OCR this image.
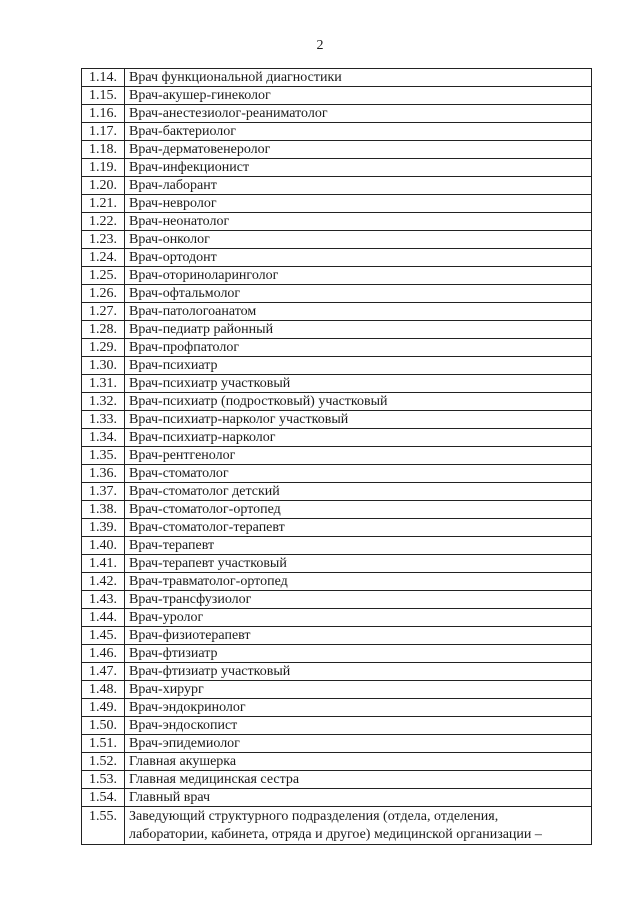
2
1.14.	Врач функциональной диагностики
1.15.	Врач-акушер-гинеколог
1.16.	Врач-анестезиолог-реаниматолог
1.17.	Врач-бактериолог
1.18.	Врач-дерматовенеролог
1.19.	Врач-инфекционист
1.20.	Врач-лаборант
1.21.	Врач-невролог
1.22.	Врач-неонатолог
1.23.	Врач-онколог
1.24.	Врач-ортодонт
1.25.	Врач-оториноларинголог
1.26.	Врач-офтальмолог
1.27.	Врач-патологоанатом
1.28.	Врач-педиатр районный
1.29.	Врач-профпатолог
1.30.	Врач-психиатр
1.31.	Врач-психиатр участковый
1.32.	Врач-психиатр (подростковый) участковый
1.33.	Врач-психиатр-нарколог участковый
1.34.	Врач-психиатр-нарколог
1.35.	Врач-рентгенолог
1.36.	Врач-стоматолог
1.37.	Врач-стоматолог детский
1.38.	Врач-стоматолог-ортопед
1.39.	Врач-стоматолог-терапевт
1.40.	Врач-терапевт
1.41.	Врач-терапевт участковый
1.42.	Врач-травматолог-ортопед
1.43.	Врач-трансфузиолог
1.44.	Врач-уролог
1.45.	Врач-физиотерапевт
1.46.	Врач-фтизиатр
1.47.	Врач-фтизиатр участковый
1.48.	Врач-хирург
1.49.	Врач-эндокринолог
1.50.	Врач-эндоскопист
1.51.	Врач-эпидемиолог
1.52.	Главная акушерка
1.53.	Главная медицинская сестра
1.54.	Главный врач
1.55.	Заведующий структурного подразделения (отдела, отделения,
лаборатории, кабинета, отряда и другое) медицинской организации –
